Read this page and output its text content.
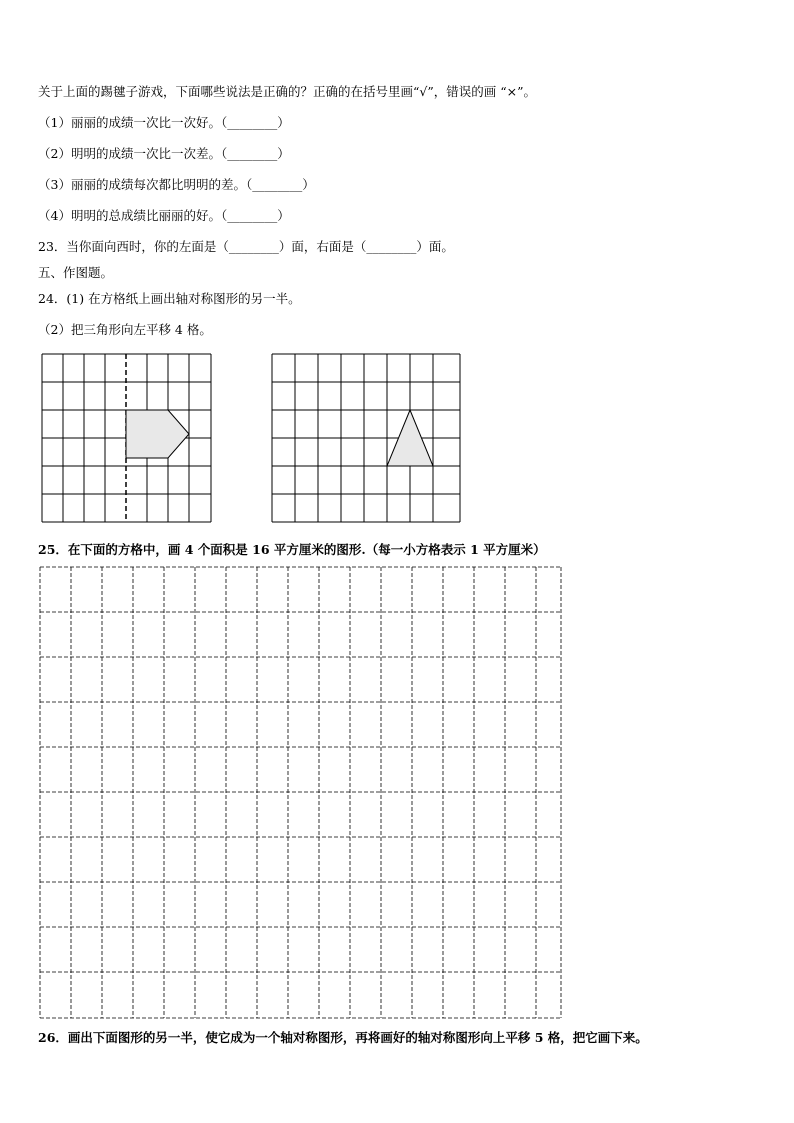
关于上面的踢毽子游戏，下面哪些说法是正确的？正确的在括号里画“√”，错误的画 “×”。
（1）丽丽的成绩一次比一次好。（________）
（2）明明的成绩一次比一次差。（________）
（3）丽丽的成绩每次都比明明的差。（________）
（4）明明的总成绩比丽丽的好。（________）
23．当你面向西时，你的左面是（________）面，右面是（________）面。
五、作图题。
24．(1) 在方格纸上画出轴对称图形的另一半。
（2）把三角形向左平移 4 格。
25．在下面的方格中，画 4 个面积是 16 平方厘米的图形.（每一小方格表示 1 平方厘米）
26．画出下面图形的另一半，使它成为一个轴对称图形，再将画好的轴对称图形向上平移 5 格，把它画下来。
